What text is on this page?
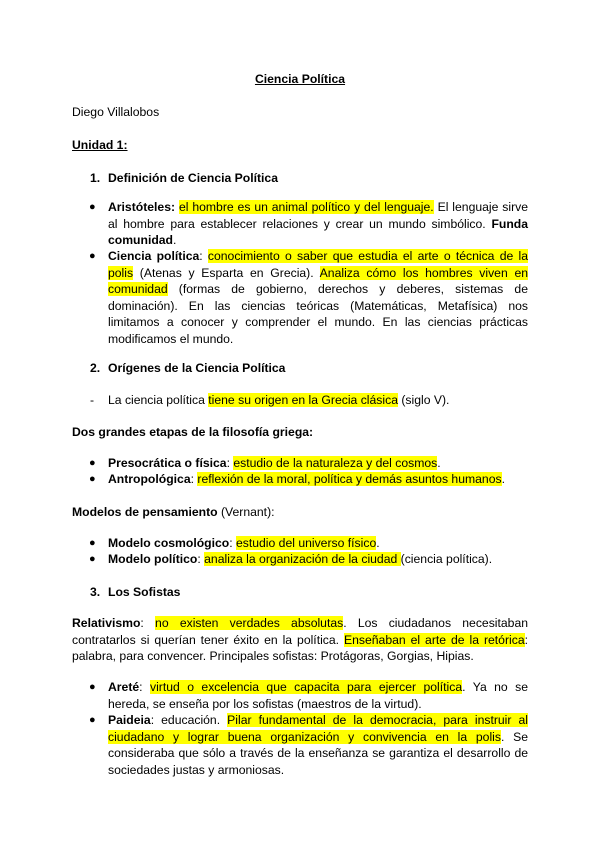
Ciencia Política
Diego Villalobos
Unidad 1:
1. Definición de Ciencia Política
● Aristóteles: el hombre es un animal político y del lenguaje. El lenguaje sirve al hombre para establecer relaciones y crear un mundo simbólico. Funda comunidad.
● Ciencia política: conocimiento o saber que estudia el arte o técnica de la polis (Atenas y Esparta en Grecia). Analiza cómo los hombres viven en comunidad (formas de gobierno, derechos y deberes, sistemas de dominación). En las ciencias teóricas (Matemáticas, Metafísica) nos limitamos a conocer y comprender el mundo. En las ciencias prácticas modificamos el mundo.
2. Orígenes de la Ciencia Política
- La ciencia política tiene su origen en la Grecia clásica (siglo V).
Dos grandes etapas de la filosofía griega:
● Presocrática o física: estudio de la naturaleza y del cosmos.
● Antropológica: reflexión de la moral, política y demás asuntos humanos.
Modelos de pensamiento (Vernant):
● Modelo cosmológico: estudio del universo físico.
● Modelo político: analiza la organización de la ciudad (ciencia política).
3. Los Sofistas
Relativismo: no existen verdades absolutas. Los ciudadanos necesitaban contratarlos si querían tener éxito en la política. Enseñaban el arte de la retórica: palabra, para convencer. Principales sofistas: Protágoras, Gorgias, Hipias.
● Areté: virtud o excelencia que capacita para ejercer política. Ya no se hereda, se enseña por los sofistas (maestros de la virtud).
● Paideia: educación. Pilar fundamental de la democracia, para instruir al ciudadano y lograr buena organización y convivencia en la polis. Se consideraba que sólo a través de la enseñanza se garantiza el desarrollo de sociedades justas y armoniosas.
